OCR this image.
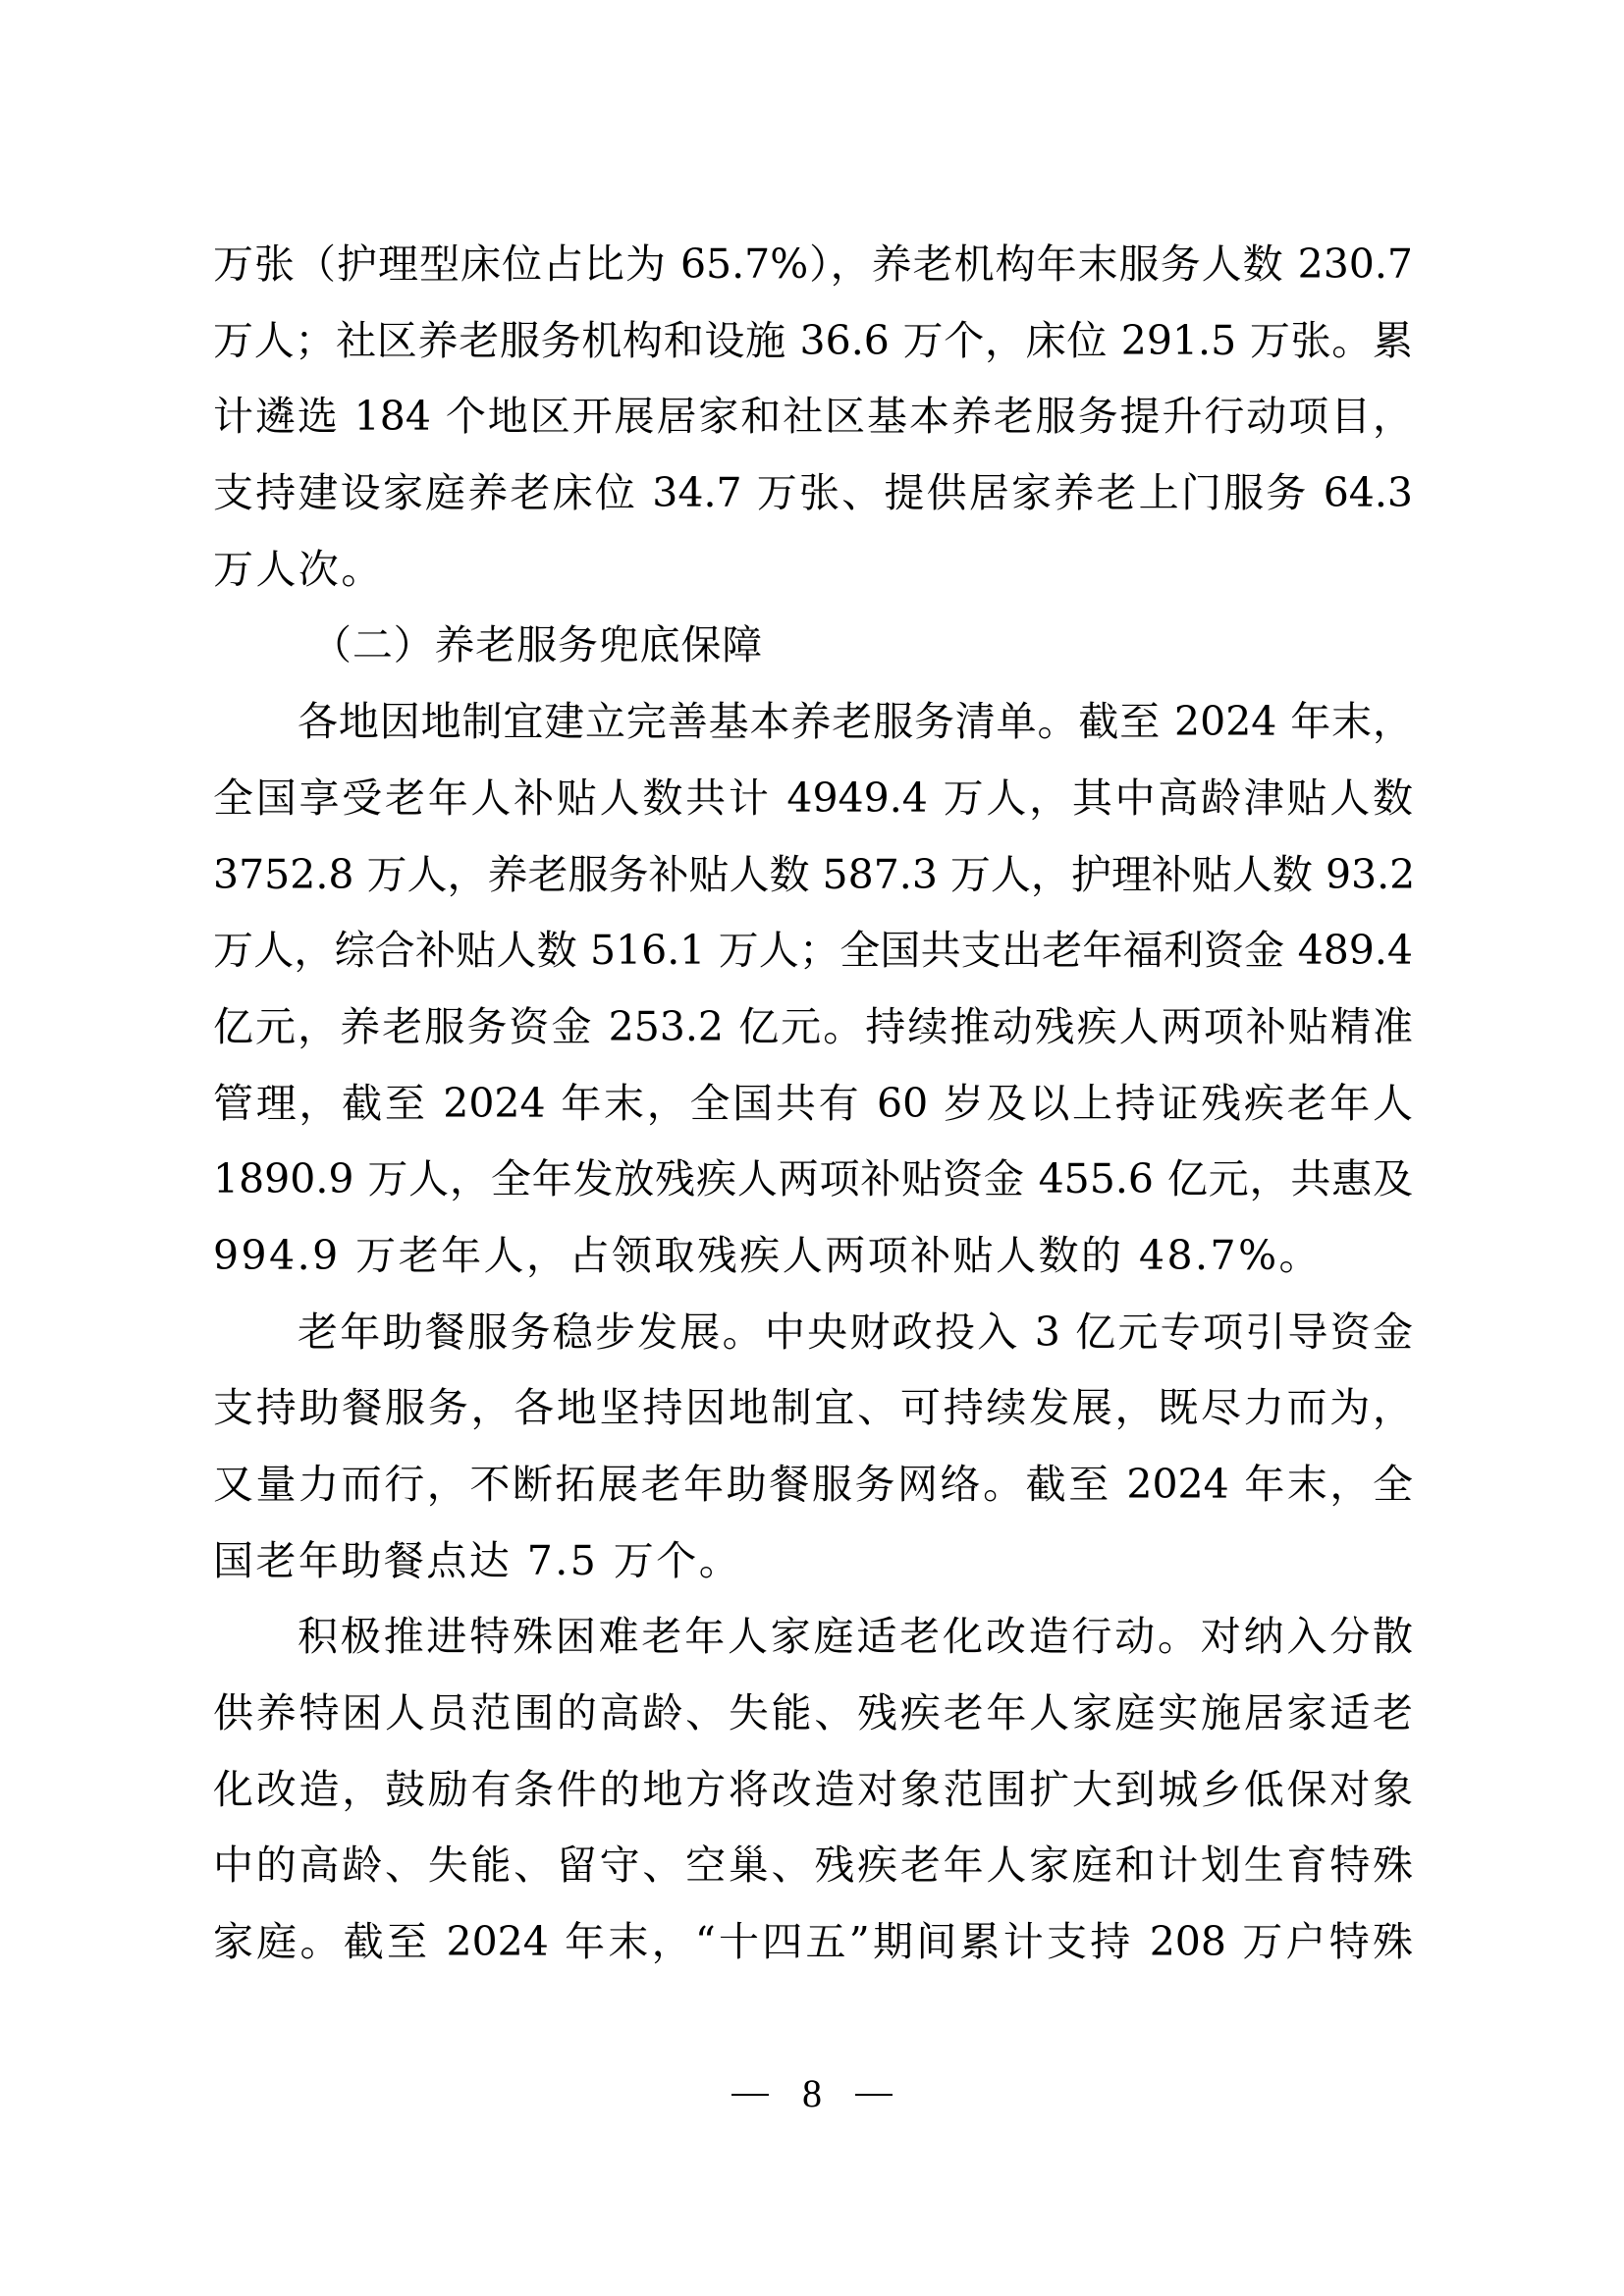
万张（护理型床位占比为 65.7%），养老机构年末服务人数 230.7
万人；社区养老服务机构和设施 36.6 万个，床位 291.5 万张。累
计遴选 184 个地区开展居家和社区基本养老服务提升行动项目，
支持建设家庭养老床位 34.7 万张、提供居家养老上门服务 64.3
万人次。
（二）养老服务兜底保障
各地因地制宜建立完善基本养老服务清单。截至 2024 年末，
全国享受老年人补贴人数共计 4949.4 万人，其中高龄津贴人数
3752.8 万人，养老服务补贴人数 587.3 万人，护理补贴人数 93.2
万人，综合补贴人数 516.1 万人；全国共支出老年福利资金 489.4
亿元，养老服务资金 253.2 亿元。持续推动残疾人两项补贴精准
管理，截至 2024 年末，全国共有 60 岁及以上持证残疾老年人
1890.9 万人，全年发放残疾人两项补贴资金 455.6 亿元，共惠及
994.9 万老年人，占领取残疾人两项补贴人数的 48.7%。
老年助餐服务稳步发展。中央财政投入 3 亿元专项引导资金
支持助餐服务，各地坚持因地制宜、可持续发展，既尽力而为，
又量力而行，不断拓展老年助餐服务网络。截至 2024 年末，全
国老年助餐点达 7.5 万个。
积极推进特殊困难老年人家庭适老化改造行动。对纳入分散
供养特困人员范围的高龄、失能、残疾老年人家庭实施居家适老
化改造，鼓励有条件的地方将改造对象范围扩大到城乡低保对象
中的高龄、失能、留守、空巢、残疾老年人家庭和计划生育特殊
家庭。截至 2024 年末，“十四五”期间累计支持 208 万户特殊
8
